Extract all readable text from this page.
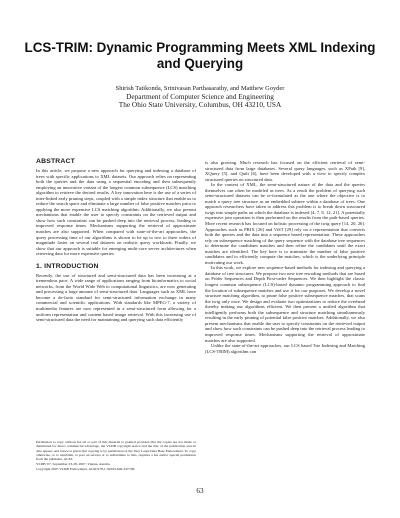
LCS-TRIM: Dynamic Programming Meets XML Indexing and Querying
Shirish Tatikonda, Srinivasan Parthasarathy, and Matthew Goyder
Department of Computer Science and Engineering
The Ohio State University, Columbus, OH 43210, USA
ABSTRACT

In this article, we propose a new approach for querying and indexing a database of trees with specific applications to XML datasets. Our approach relies on representing both the queries and the data using a sequential encoding and then subsequently employing an innovative variant of the longest common subsequence (LCS) matching algorithm to retrieve the desired results. A key innovation here is the use of a series of inter-linked early pruning steps, coupled with a simple index structure that enable us to reduce the search space and eliminate a large number of false positive matches prior to applying the more expensive LCS matching algorithm. Additionally, we also present mechanisms that enable the user to specify constraints on the retrieved output and show how such constraints can be pushed deep into the retrieval process, leading to improved response times. Mechanisms supporting the retrieval of approximate matches are also supported. When compared with state-of-the-art approaches, the query processing time of our algorithms is shown to be up to two to three orders of magnitude faster on several real datasets on realistic query workloads. Finally, we show that our approach is suitable for emerging multi-core server architectures when retrieving data for more expensive queries.

1. INTRODUCTION

Recently, the use of structured and semi-structured data has been increasing at a tremendous pace. A wide range of applications ranging from bioinformatics to social networks, from the World Wide Web to computational linguistics, are now generating and processing a large amount of semi-structured data. Languages such as XML have become a de-facto standard for semi-structured information exchange in many commercial and scientific applications. With standards like MPEG-7, a variety of multimedia features are now represented in a semi-structured form allowing for a uniform representation and content based image retrieval. With this increasing use of semi-structured data the need for maintaining and querying such data efficiently

Permission to copy without fee all or part of this material is granted provided that the copies are not made or distributed for direct commercial advantage, the VLDB copyright notice and the title of the publication and its date appear, and notice is given that copying is by permission of the Very Large Data Base Endowment. To copy otherwise, or to republish, to post on servers or to redistribute to lists, requires a fee and/or special permission from the publisher, ACM.
VLDB '07, September 23-28, 2007, Vienna, Austria.
Copyright 2007 VLDB Endowment, ACM 978-1-59593-649-3/07/09.

is also growing. Much research has focused on the efficient retrieval of semi-structured data from large databases. Several query languages, such as XPath [9], XQuery [5], and Quilt [6], have been developed with a view to specify complex structured queries on structured data.

In the context of XML, the semi-structured nature of the data and the queries themselves can often be modeled as trees. As a result the problem of querying such semi-structured datasets can be re-formulated as the one where the objective is to match a query tree structure as an embedded subtree within a database of trees. One approach researchers have taken to address this problem is to break down structured twigs into simple paths on which the database is indexed [4, 7, 8, 12, 21]. A potentially expensive join operation is then performed on the results from the path-based queries. More recent research has focused on holistic processing of the twig query [14, 20, 26]. Approaches such as PRIX [26] and ViST [29] rely on a representation that converts both the queries and the data into a sequence based representation. These approaches rely on subsequence matching of the query sequence with the database tree sequences to determine the candidates matches and then refine the candidates until the exact matches are identified. The key here is to minimize the number of false positive candidates and to efficiently compute the matches, which is the underlying principle motivating our work.

In this work, we explore new sequence-based methods for indexing and querying a database of tree structures. We propose two new tree encoding methods that are based on Prüfer Sequences and Depth First-order Sequences. We then highlight the classic longest common subsequence (LCS)-based dynamic programming approach to find the location of subsequence matches and use it for our purposes. We develop a novel structure matching algorithm, to prune false positive subsequence matches, that scans the twig only once. We design and evaluate two optimizations to reduce the overhead thereby making our algorithms efficient. We then present a unified algorithm that intelligently performs both the subsequence and structure matching simultaneously resulting in the early pruning of potential false positive matches. Additionally, we also present mechanisms that enable the user to specify constraints on the retrieved output and show how such constraints can be pushed deep into the retrieval process leading to improved response times. Mechanisms supporting the retrieval of approximate matches are also supported.

Unlike the state-of-the-art approaches, our LCS based Trie Indexing and Matching (LCS-TRIM) algorithm can

63
